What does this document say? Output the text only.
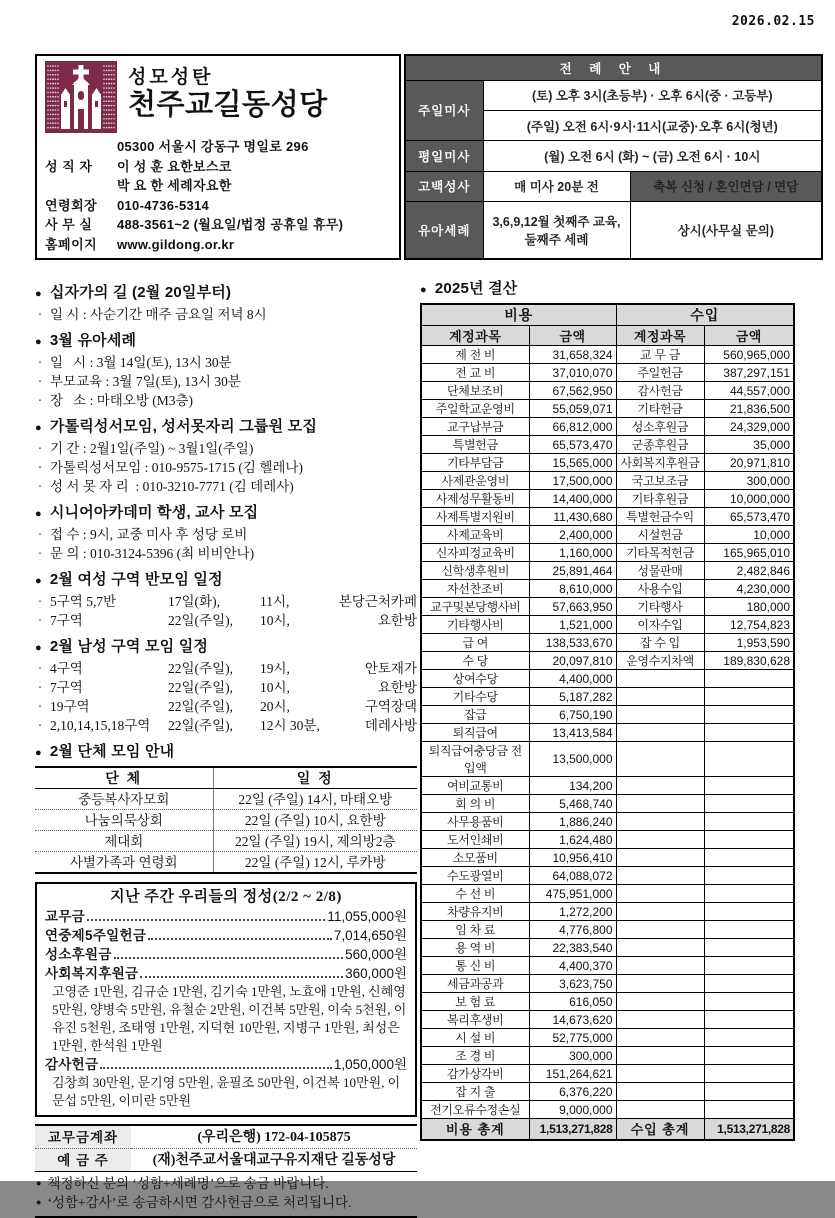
2026.02.15
성모성탄
천주교길동성당
05300 서울시 강동구 명일로 296
성 직 자	이 성 훈 요한보스코
박 요 한 세례자요한
연령회장	010-4736-5314
사 무 실	488-3561~2 (월요일/법정 공휴일 휴무)
홈페이지	www.gildong.or.kr
전 례 안 내		
주일미사	(토) 오후 3시(초등부) · 오후 6시(중 · 고등부)	
	(주일) 오전 6시·9시·11시(교중)·오후 6시(청년)	
평일미사	(월) 오전 6시 (화) ~ (금) 오전 6시 · 10시	
고백성사	매 미사 20분 전	축복 신청 / 혼인면담 / 면담
유아세례	3,6,9,12월 첫째주 교육, 둘째주 세례	상시(사무실 문의)
● 십자가의 길 (2월 20일부터)
· 일 시 : 사순기간 매주 금요일 저녁 8시
● 3월 유아세례
· 일   시 : 3월 14일(토), 13시 30분
· 부모교육 : 3월 7일(토), 13시 30분
· 장   소 : 마태오방 (M3층)
● 가톨릭성서모임, 성서못자리 그룹원 모집
· 기 간 : 2월1일(주일) ~ 3월1일(주일)
· 가톨릭성서모임 : 010-9575-1715 (김 헬레나)
· 성 서 못 자 리  : 010-3210-7771 (김 데레사)
● 시니어아카데미 학생, 교사 모집
· 접 수 : 9시, 교중 미사 후 성당 로비
· 문 의 : 010-3124-5396 (최 비비안나)
● 2월 여성 구역 반모임 일정
· 5구역 5,7반	17일(화),	11시,	본당근처카페
· 7구역	22일(주일),	10시,	요한방
● 2월 남성 구역 모임 일정
· 4구역	22일(주일),	19시,	안토재가
· 7구역	22일(주일),	10시,	요한방
· 19구역	22일(주일),	20시,	구역장댁
· 2,10,14,15,18구역	22일(주일),	12시 30분,	데레사방
● 2월 단체 모임 안내
단 체	일 정
중등복사자모회	22일 (주일) 14시, 마태오방
나눔의묵상회	22일 (주일) 10시, 요한방
제대회	22일 (주일) 19시, 제의방2층
사별가족과 연령회	22일 (주일) 12시, 루카방
지난 주간 우리들의 정성(2/2 ~ 2/8)
교무금	11,055,000원
연중제5주일헌금	7,014,650원
성소후원금	560,000원
사회복지후원금	360,000원
고영준 1만원, 김규순 1만원, 김기숙 1만원, 노효애 1만원, 신혜영 5만원, 양병숙 5만원, 유철순 2만원, 이건복 5만원, 이숙 5천원, 이유진 5천원, 조태영 1만원, 지덕현 10만원, 지병구 1만원, 최성은 1만원, 한석원 1만원
감사헌금	1,050,000원
김창희 30만원, 문기영 5만원, 윤필조 50만원, 이건복 10만원, 이문섭 5만원, 이미란 5만원
교무금계좌	(우리은행) 172-04-105875
예 금 주	(재)천주교서울대교구유지재단 길동성당
● 책정하신 분의 ‘성함+세례명’으로 송금 바랍니다.
● ‘성함+감사’로 송금하시면 감사헌금으로 처리됩니다.
● 2025년 결산
비용		수입	
계정과목	금액	계정과목	금액
제 전 비	31,658,324	교 무 금	560,965,000
전 교 비	37,010,070	주일헌금	387,297,151
단체보조비	67,562,950	감사헌금	44,557,000
주일학교운영비	55,059,071	기타헌금	21,836,500
교구납부금	66,812,000	성소후원금	24,329,000
특별헌금	65,573,470	군종후원금	35,000
기타부담금	15,565,000	사회복지후원금	20,971,810
사제관운영비	17,500,000	국고보조금	300,000
사제성무활동비	14,400,000	기타후원금	10,000,000
사제특별지원비	11,430,680	특별헌금수익	65,573,470
사제교육비	2,400,000	시설헌금	10,000
신자피정교육비	1,160,000	기타목적헌금	165,965,010
신학생후원비	25,891,464	성물판매	2,482,846
자선찬조비	8,610,000	사용수입	4,230,000
교구및본당행사비	57,663,950	기타행사	180,000
기타행사비	1,521,000	이자수입	12,754,823
급 여	138,533,670	잡 수 입	1,953,590
수 당	20,097,810	운영수지차액	189,830,628
상여수당	4,400,000		
기타수당	5,187,282		
잡급	6,750,190		
퇴직급여	13,413,584		
퇴직급여충당금 전입액	13,500,000		
여비교통비	134,200		
회 의 비	5,468,740		
사무용품비	1,886,240		
도서인쇄비	1,624,480		
소모품비	10,956,410		
수도광열비	64,088,072		
수 선 비	475,951,000		
차량유지비	1,272,200		
임 차 료	4,776,800		
용 역 비	22,383,540		
통 신 비	4,400,370		
세금과공과	3,623,750		
보 험 료	616,050		
복리후생비	14,673,620		
시 설 비	52,775,000		
조 경 비	300,000		
감가상각비	151,264,621		
잡 지 출	6,376,220		
전기오류수정손실	9,000,000		
비용 총계	1,513,271,828	수입 총계	1,513,271,828
